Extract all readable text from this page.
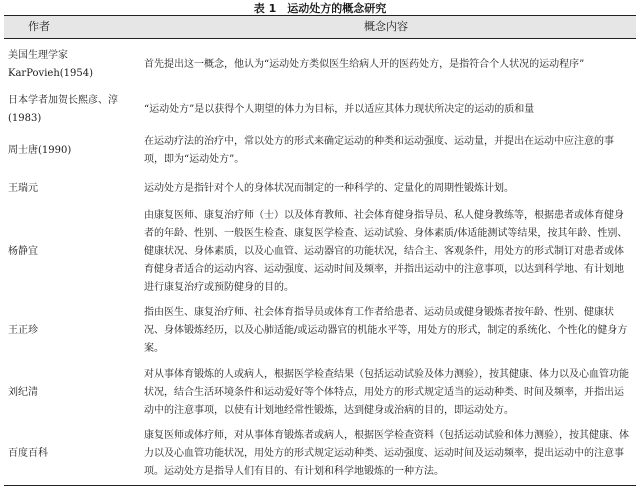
表 1　运动处方的概念研究
作者	概念内容
美国生理学家KarPovieh(1954)	首先提出这一概念，他认为“运动处方类似医生给病人开的医药处方，是指符合个人状况的运动程序”
日本学者加贺长熙彦、淳(1983)	“运动处方”是以获得个人期望的体力为目标，并以适应其体力现状所决定的运动的质和量
周士唐(1990)	在运动疗法的治疗中，常以处方的形式来确定运动的种类和运动强度、运动量，并提出在运动中应注意的事项，即为“运动处方”。
王瑞元	运动处方是指针对个人的身体状况而制定的一种科学的、定量化的周期性锻炼计划。
杨静宜	由康复医师、康复治疗师（士）以及体育教师、社会体育健身指导员、私人健身教练等，根据患者或体育健身者的年龄、性别、一般医生检查、康复医学检查、运动试验、身体素质/体适能测试等结果，按其年龄、性别、健康状况、身体素质，以及心血管、运动器官的功能状况，结合主、客观条件，用处方的形式制订对患者或体育健身者适合的运动内容、运动强度、运动时间及频率，并指出运动中的注意事项，以达到科学地、有计划地进行康复治疗或预防健身的目的。
王正珍	指由医生、康复治疗师、社会体育指导员或体育工作者给患者、运动员或健身锻炼者按年龄、性别、健康状况、身体锻炼经历，以及心肺适能/或运动器官的机能水平等，用处方的形式，制定的系统化、个性化的健身方案。
刘纪清	对从事体育锻炼的人或病人，根据医学检查结果（包括运动试验及体力测验），按其健康、体力以及心血管功能状况，结合生活环境条件和运动爱好等个体特点，用处方的形式规定适当的运动种类、时间及频率，并指出运动中的注意事项，以使有计划地经常性锻炼，达到健身或治病的目的，即运动处方。
百度百科	康复医师或体疗师，对从事体育锻炼者或病人，根据医学检查资料（包括运动试验和体力测验），按其健康、体力以及心血管功能状况，用处方的形式规定运动种类、运动强度、运动时间及运动频率，提出运动中的注意事项。运动处方是指导人们有目的、有计划和科学地锻炼的一种方法。
